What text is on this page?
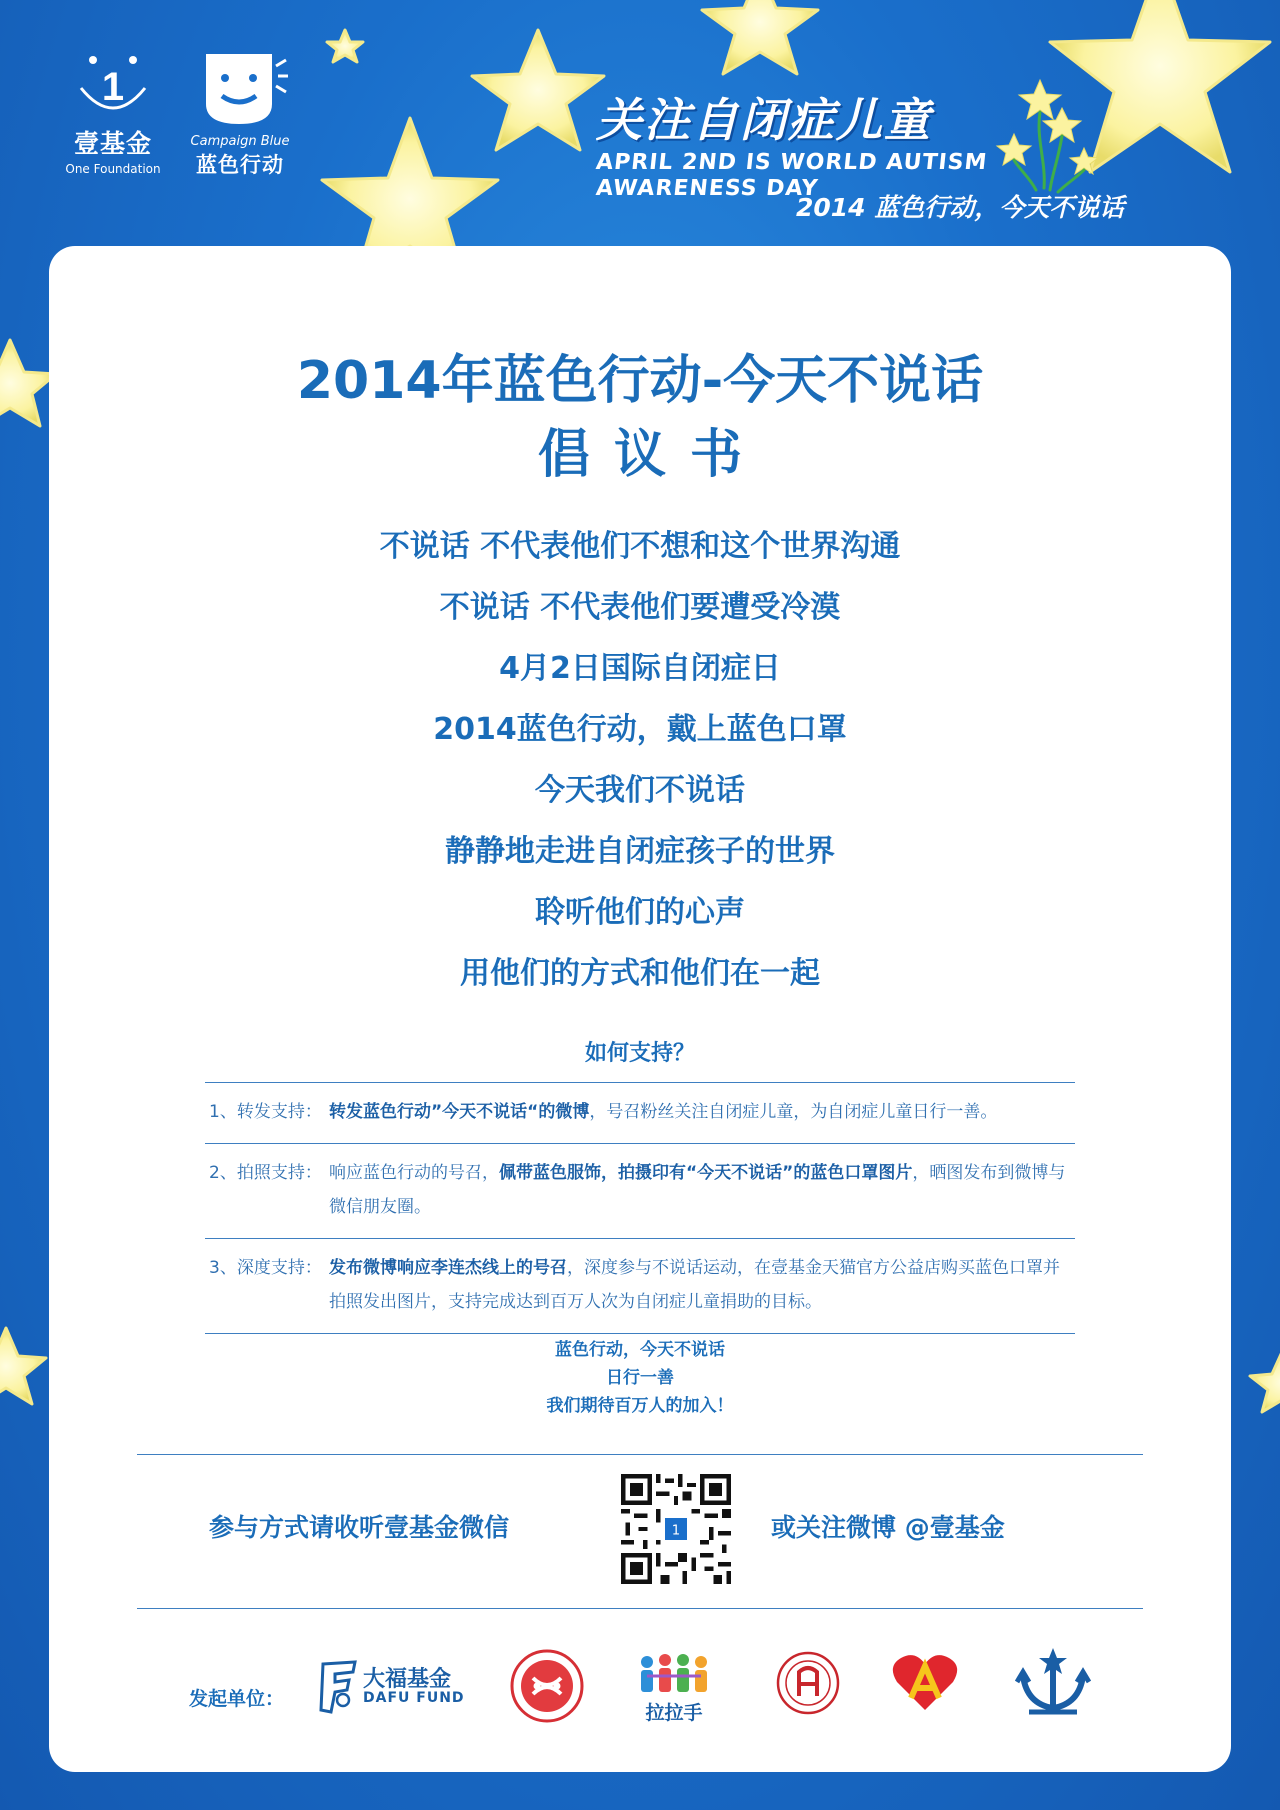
1
壹基金
One Foundation
Campaign Blue
蓝色行动
关注自闭症儿童
APRIL 2ND IS WORLD AUTISM
AWARENESS DAY
2014 蓝色行动，今天不说话
2014年蓝色行动-今天不说话
倡议书
不说话 不代表他们不想和这个世界沟通
不说话 不代表他们要遭受冷漠
4月2日国际自闭症日
2014蓝色行动，戴上蓝色口罩
今天我们不说话
静静地走进自闭症孩子的世界
聆听他们的心声
用他们的方式和他们在一起
如何支持？
1、转发支持： 转发蓝色行动”今天不说话“的微博，号召粉丝关注自闭症儿童，为自闭症儿童日行一善。
2、拍照支持： 响应蓝色行动的号召，佩带蓝色服饰，拍摄印有“今天不说话”的蓝色口罩图片，晒图发布到微博与微信朋友圈。
3、深度支持： 发布微博响应李连杰线上的号召，深度参与不说话运动，在壹基金天猫官方公益店购买蓝色口罩并拍照发出图片，支持完成达到百万人次为自闭症儿童捐助的目标。
蓝色行动，今天不说话
日行一善
我们期待百万人的加入！
参与方式请收听壹基金微信	1	或关注微博 @壹基金
发起单位：
大福基金
DAFU FUND
拉拉手
